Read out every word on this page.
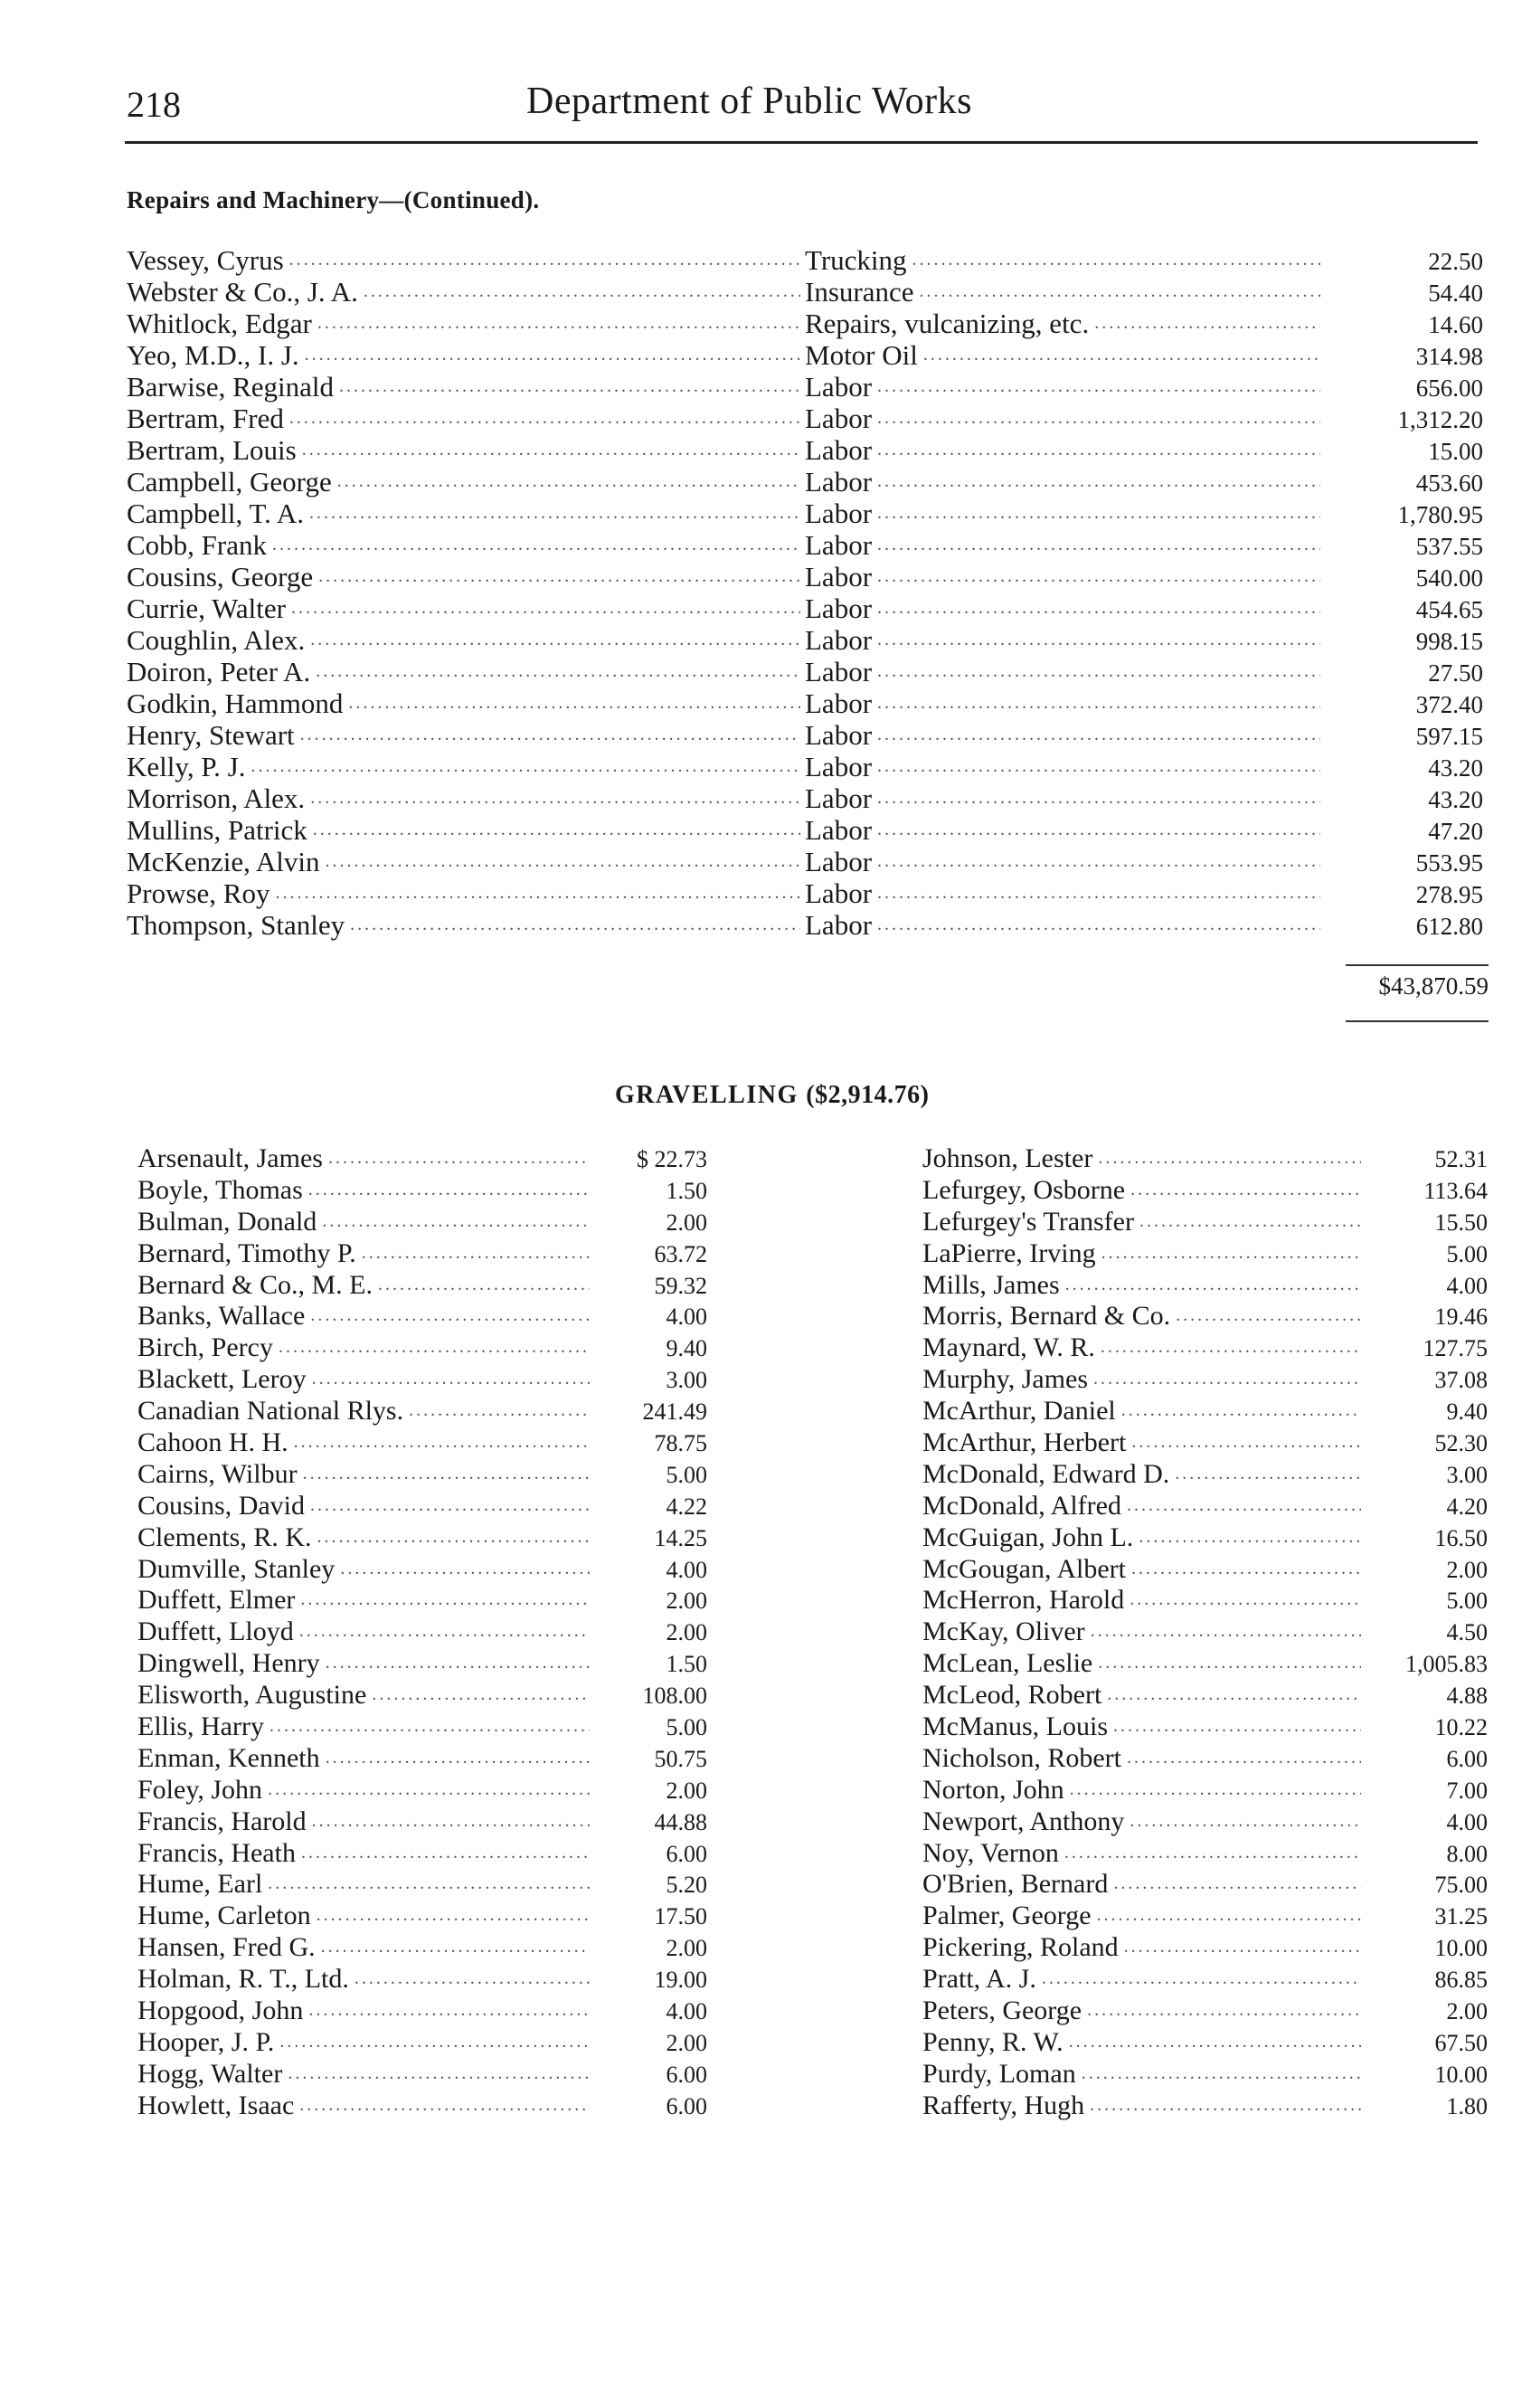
218	Department of Public Works
Repairs and Machinery—(Continued).
Vessey, Cyrus .....	Trucking .....	22.50
Webster & Co., J. A. .....	Insurance .....	54.40
Whitlock, Edgar .....	Repairs, vulcanizing, etc. .....	14.60
Yeo, M.D., I. J. .....	Motor Oil .....	314.98
Barwise, Reginald .....	Labor .....	656.00
Bertram, Fred .....	Labor .....	1,312.20
Bertram, Louis .....	Labor .....	15.00
Campbell, George .....	Labor .....	453.60
Campbell, T. A. .....	Labor .....	1,780.95
Cobb, Frank .....	Labor .....	537.55
Cousins, George .....	Labor .....	540.00
Currie, Walter .....	Labor .....	454.65
Coughlin, Alex. .....	Labor .....	998.15
Doiron, Peter A. .....	Labor .....	27.50
Godkin, Hammond .....	Labor .....	372.40
Henry, Stewart .....	Labor .....	597.15
Kelly, P. J. .....	Labor .....	43.20
Morrison, Alex. .....	Labor .....	43.20
Mullins, Patrick .....	Labor .....	47.20
McKenzie, Alvin .....	Labor .....	553.95
Prowse, Roy .....	Labor .....	278.95
Thompson, Stanley .....	Labor .....	612.80
$43,870.59
GRAVELLING ($2,914.76)
Arsenault, James .....	$ 22.73
Boyle, Thomas .....	1.50
Bulman, Donald .....	2.00
Bernard, Timothy P. .....	63.72
Bernard & Co., M. E. .....	59.32
Banks, Wallace .....	4.00
Birch, Percy .....	9.40
Blackett, Leroy .....	3.00
Canadian National Rlys. .....	241.49
Cahoon H. H. .....	78.75
Cairns, Wilbur .....	5.00
Cousins, David .....	4.22
Clements, R. K. .....	14.25
Dumville, Stanley .....	4.00
Duffett, Elmer .....	2.00
Duffett, Lloyd .....	2.00
Dingwell, Henry .....	1.50
Elisworth, Augustine .....	108.00
Ellis, Harry .....	5.00
Enman, Kenneth .....	50.75
Foley, John .....	2.00
Francis, Harold .....	44.88
Francis, Heath .....	6.00
Hume, Earl .....	5.20
Hume, Carleton .....	17.50
Hansen, Fred G. .....	2.00
Holman, R. T., Ltd. .....	19.00
Hopgood, John .....	4.00
Hooper, J. P. .....	2.00
Hogg, Walter .....	6.00
Howlett, Isaac .....	6.00
Johnson, Lester .....	52.31
Lefurgey, Osborne .....	113.64
Lefurgey's Transfer .....	15.50
LaPierre, Irving .....	5.00
Mills, James .....	4.00
Morris, Bernard & Co. .....	19.46
Maynard, W. R. .....	127.75
Murphy, James .....	37.08
McArthur, Daniel .....	9.40
McArthur, Herbert .....	52.30
McDonald, Edward D. .....	3.00
McDonald, Alfred .....	4.20
McGuigan, John L. .....	16.50
McGougan, Albert .....	2.00
McHerron, Harold .....	5.00
McKay, Oliver .....	4.50
McLean, Leslie .....	1,005.83
McLeod, Robert .....	4.88
McManus, Louis .....	10.22
Nicholson, Robert .....	6.00
Norton, John .....	7.00
Newport, Anthony .....	4.00
Noy, Vernon .....	8.00
O'Brien, Bernard .....	75.00
Palmer, George .....	31.25
Pickering, Roland .....	10.00
Pratt, A. J. .....	86.85
Peters, George .....	2.00
Penny, R. W. .....	67.50
Purdy, Loman .....	10.00
Rafferty, Hugh .....	1.80
